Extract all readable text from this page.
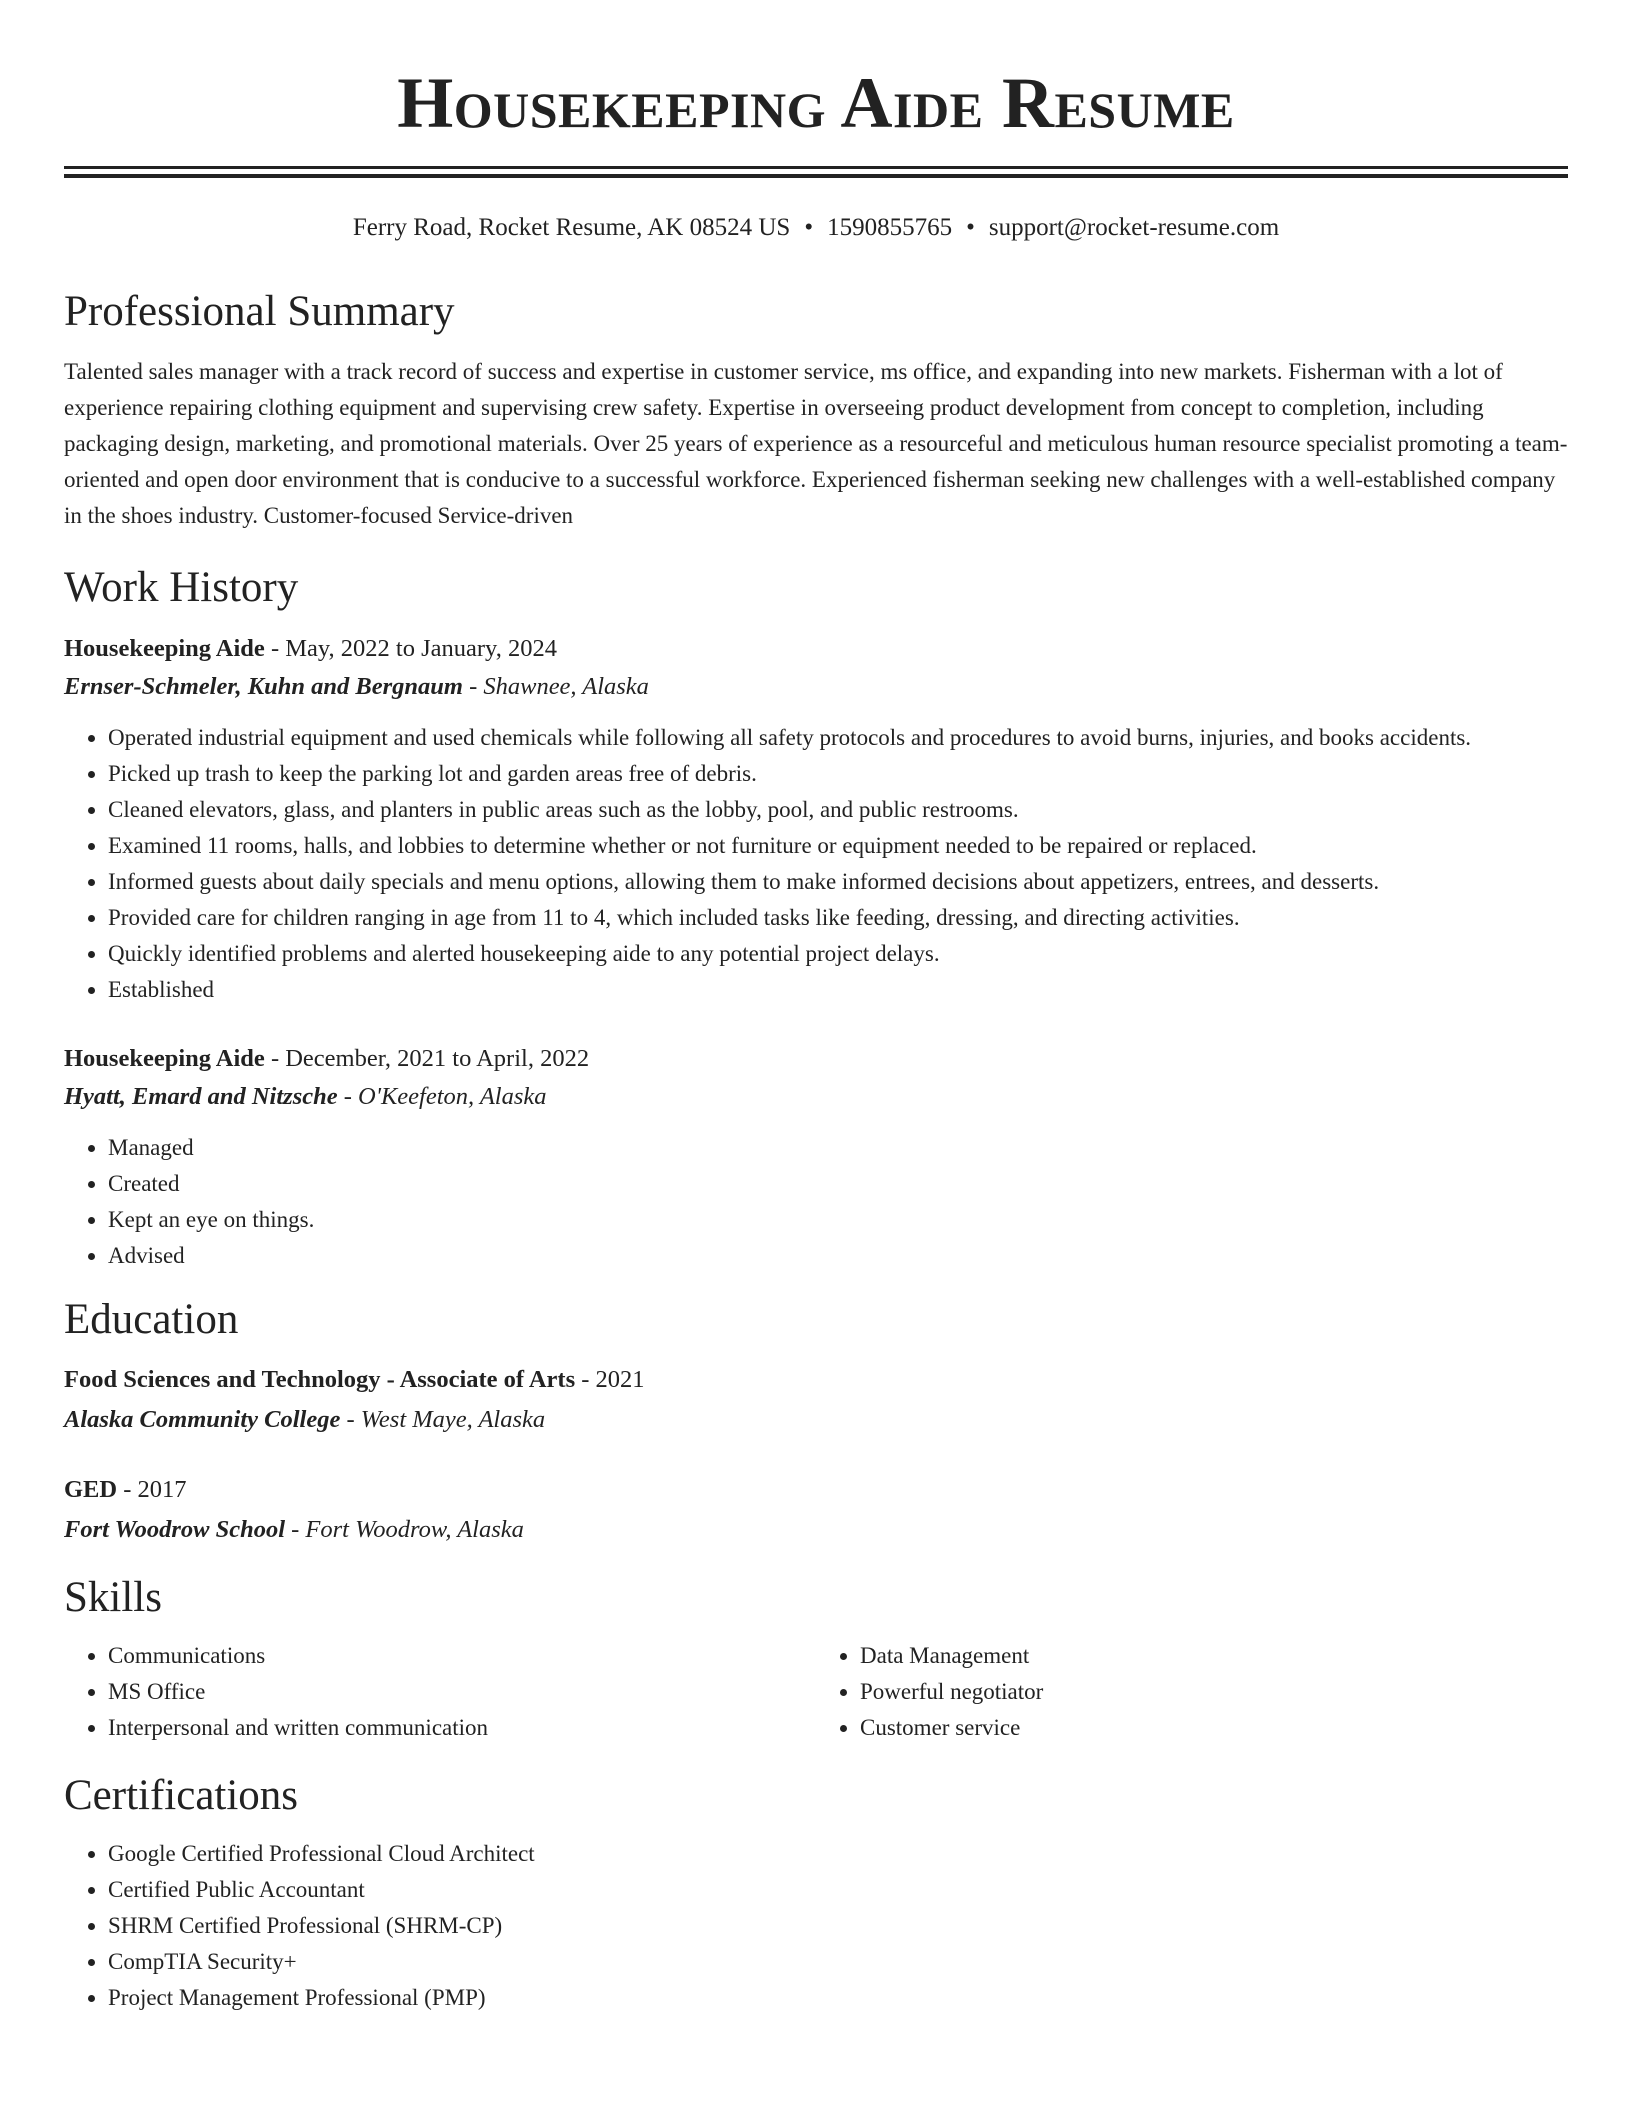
Housekeeping Aide Resume
Ferry Road, Rocket Resume, AK 08524 US • 1590855765 • support@rocket-resume.com
Professional Summary
Talented sales manager with a track record of success and expertise in customer service, ms office, and expanding into new markets. Fisherman with a lot of experience repairing clothing equipment and supervising crew safety. Expertise in overseeing product development from concept to completion, including packaging design, marketing, and promotional materials. Over 25 years of experience as a resourceful and meticulous human resource specialist promoting a team-oriented and open door environment that is conducive to a successful workforce. Experienced fisherman seeking new challenges with a well-established company in the shoes industry. Customer-focused Service-driven
Work History
Housekeeping Aide - May, 2022 to January, 2024
Ernser-Schmeler, Kuhn and Bergnaum - Shawnee, Alaska
• Operated industrial equipment and used chemicals while following all safety protocols and procedures to avoid burns, injuries, and books accidents.
• Picked up trash to keep the parking lot and garden areas free of debris.
• Cleaned elevators, glass, and planters in public areas such as the lobby, pool, and public restrooms.
• Examined 11 rooms, halls, and lobbies to determine whether or not furniture or equipment needed to be repaired or replaced.
• Informed guests about daily specials and menu options, allowing them to make informed decisions about appetizers, entrees, and desserts.
• Provided care for children ranging in age from 11 to 4, which included tasks like feeding, dressing, and directing activities.
• Quickly identified problems and alerted housekeeping aide to any potential project delays.
• Established
Housekeeping Aide - December, 2021 to April, 2022
Hyatt, Emard and Nitzsche - O'Keefeton, Alaska
• Managed
• Created
• Kept an eye on things.
• Advised
Education
Food Sciences and Technology - Associate of Arts - 2021
Alaska Community College - West Maye, Alaska
GED - 2017
Fort Woodrow School - Fort Woodrow, Alaska
Skills
• Communications
• MS Office
• Interpersonal and written communication
• Data Management
• Powerful negotiator
• Customer service
Certifications
• Google Certified Professional Cloud Architect
• Certified Public Accountant
• SHRM Certified Professional (SHRM-CP)
• CompTIA Security+
• Project Management Professional (PMP)
